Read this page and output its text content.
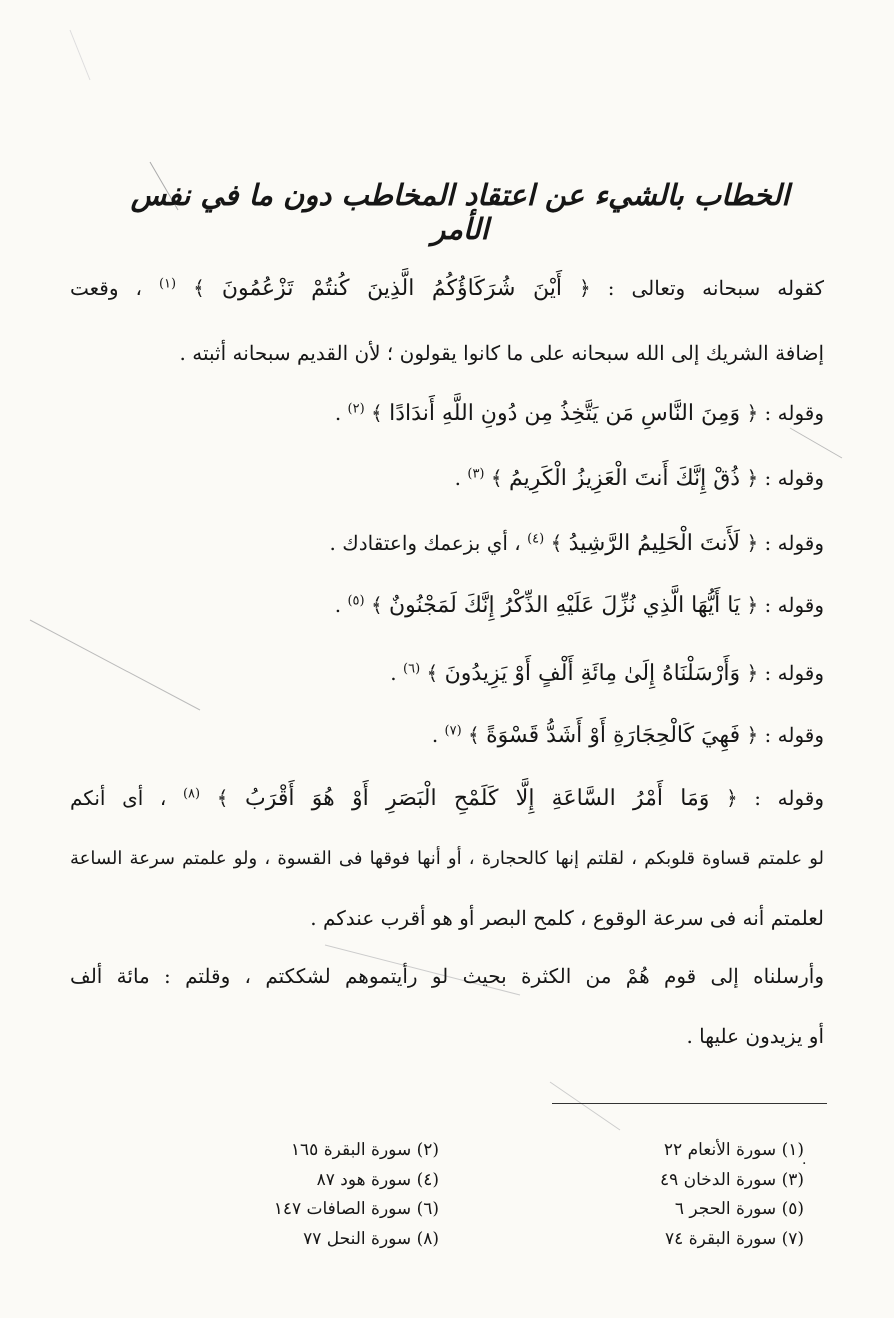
الخطاب بالشيء عن اعتقاد المخاطب دون ما في نفس الأمر
كقوله سبحانه وتعالى : ﴿ أَيْنَ شُرَكَاؤُكُمُ الَّذِينَ كُنتُمْ تَزْعُمُونَ ﴾ $^{(١)}$ ، وقعت
إضافة الشريك إلى الله سبحانه على ما كانوا يقولون ؛ لأن القديم سبحانه أثبته .
وقوله : ﴿ وَمِنَ النَّاسِ مَن يَتَّخِذُ مِن دُونِ اللَّهِ أَندَادًا ﴾ $^{(٢)}$ .
وقوله : ﴿ ذُقْ إِنَّكَ أَنتَ الْعَزِيزُ الْكَرِيمُ ﴾ $^{(٣)}$ .
وقوله : ﴿ لَأَنتَ الْحَلِيمُ الرَّشِيدُ ﴾ $^{(٤)}$ ، أي بزعمك واعتقادك .
وقوله : ﴿ يَا أَيُّهَا الَّذِي نُزِّلَ عَلَيْهِ الذِّكْرُ إِنَّكَ لَمَجْنُونٌ ﴾ $^{(٥)}$ .
وقوله : ﴿ وَأَرْسَلْنَاهُ إِلَىٰ مِائَةِ أَلْفٍ أَوْ يَزِيدُونَ ﴾ $^{(٦)}$ .
وقوله : ﴿ فَهِيَ كَالْحِجَارَةِ أَوْ أَشَدُّ قَسْوَةً ﴾ $^{(٧)}$ .
وقوله : ﴿ وَمَا أَمْرُ السَّاعَةِ إِلَّا كَلَمْحِ الْبَصَرِ أَوْ هُوَ أَقْرَبُ ﴾ $^{(٨)}$ ، أى أنكم
لو علمتم قساوة قلوبكم ، لقلتم إنها كالحجارة ، أو أنها فوقها فى القسوة ، ولو علمتم سرعة الساعة
لعلمتم أنه فى سرعة الوقوع ، كلمح البصر أو هو أقرب عندكم .
وأرسلناه إلى قوم هُمْ من الكثرة بحيث لو رأيتموهم لشككتم ، وقلتم : مائة ألف
أو يزيدون عليها .
.
(١) سورة الأنعام ٢٢
(٣) سورة الدخان ٤٩
(٥) سورة الحجر ٦
(٧) سورة البقرة ٧٤
(٢) سورة البقرة ١٦٥
(٤) سورة هود ٨٧
(٦) سورة الصافات ١٤٧
(٨) سورة النحل ٧٧
